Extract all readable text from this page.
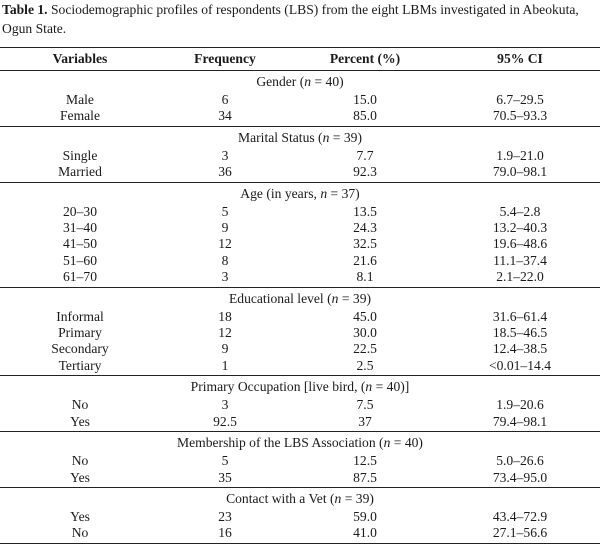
Table 1. Sociodemographic profiles of respondents (LBS) from the eight LBMs investigated in Abeokuta, Ogun State.
Variables	Frequency	Percent (%)	95% CI
Gender (n = 40)			
Male	6	15.0	6.7–29.5
Female	34	85.0	70.5–93.3
Marital Status (n = 39)			
Single	3	7.7	1.9–21.0
Married	36	92.3	79.0–98.1
Age (in years, n = 37)			
20–30	5	13.5	5.4–2.8
31–40	9	24.3	13.2–40.3
41–50	12	32.5	19.6–48.6
51–60	8	21.6	11.1–37.4
61–70	3	8.1	2.1–22.0
Educational level (n = 39)			
Informal	18	45.0	31.6–61.4
Primary	12	30.0	18.5–46.5
Secondary	9	22.5	12.4–38.5
Tertiary	1	2.5	<0.01–14.4
Primary Occupation [live bird, (n = 40)]			
No	3	7.5	1.9–20.6
Yes	92.5	37	79.4–98.1
Membership of the LBS Association (n = 40)			
No	5	12.5	5.0–26.6
Yes	35	87.5	73.4–95.0
Contact with a Vet (n = 39)			
Yes	23	59.0	43.4–72.9
No	16	41.0	27.1–56.6
